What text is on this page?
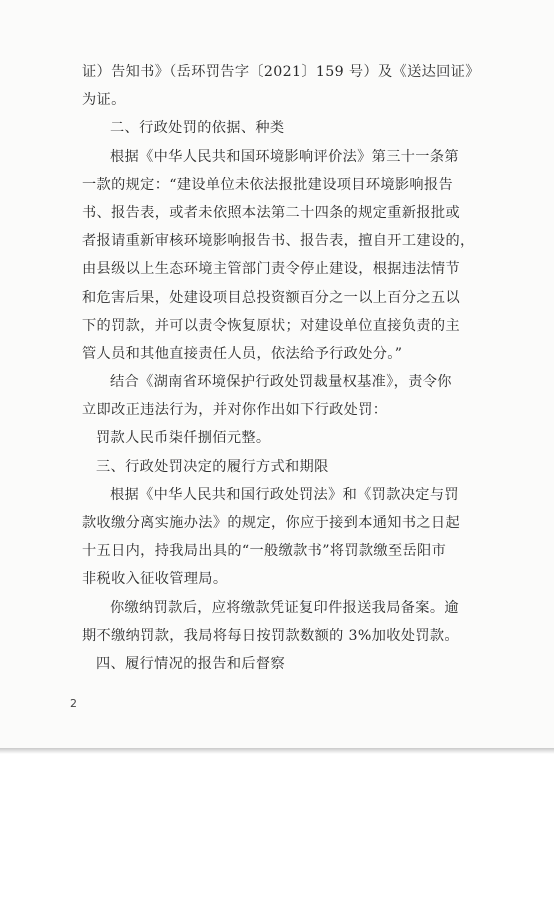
证）告知书》（岳环罚告字〔2021〕159 号）及《送达回证》
为证。
二、行政处罚的依据、种类
根据《中华人民共和国环境影响评价法》第三十一条第
一款的规定：“建设单位未依法报批建设项目环境影响报告
书、报告表，或者未依照本法第二十四条的规定重新报批或
者报请重新审核环境影响报告书、报告表，擅自开工建设的，
由县级以上生态环境主管部门责令停止建设，根据违法情节
和危害后果，处建设项目总投资额百分之一以上百分之五以
下的罚款，并可以责令恢复原状；对建设单位直接负责的主
管人员和其他直接责任人员，依法给予行政处分。”
结合《湖南省环境保护行政处罚裁量权基准》，责令你
立即改正违法行为，并对你作出如下行政处罚：
罚款人民币柒仟捌佰元整。
三、行政处罚决定的履行方式和期限
根据《中华人民共和国行政处罚法》和《罚款决定与罚
款收缴分离实施办法》的规定，你应于接到本通知书之日起
十五日内，持我局出具的“一般缴款书”将罚款缴至岳阳市
非税收入征收管理局。
你缴纳罚款后，应将缴款凭证复印件报送我局备案。逾
期不缴纳罚款，我局将每日按罚款数额的 3%加收处罚款。
四、履行情况的报告和后督察
2
